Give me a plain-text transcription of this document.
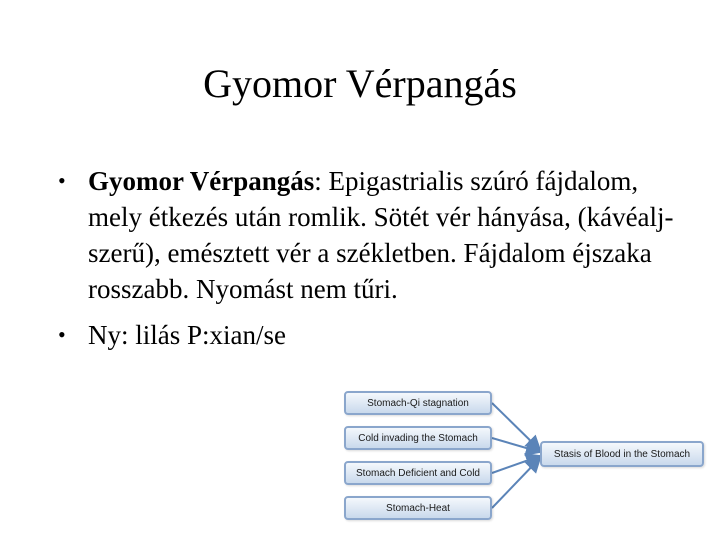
Gyomor Vérpangás
• Gyomor Vérpangás: Epigastrialis szúró fájdalom, mely étkezés után romlik. Sötét vér hányása, (kávéalj-szerű), emésztett vér a székletben. Fájdalom éjszaka rosszabb. Nyomást nem tűri.
• Ny: lilás P:xian/se
Stomach-Qi stagnation
Cold invading the Stomach
Stomach Deficient and Cold
Stomach-Heat
Stasis of Blood in the Stomach
